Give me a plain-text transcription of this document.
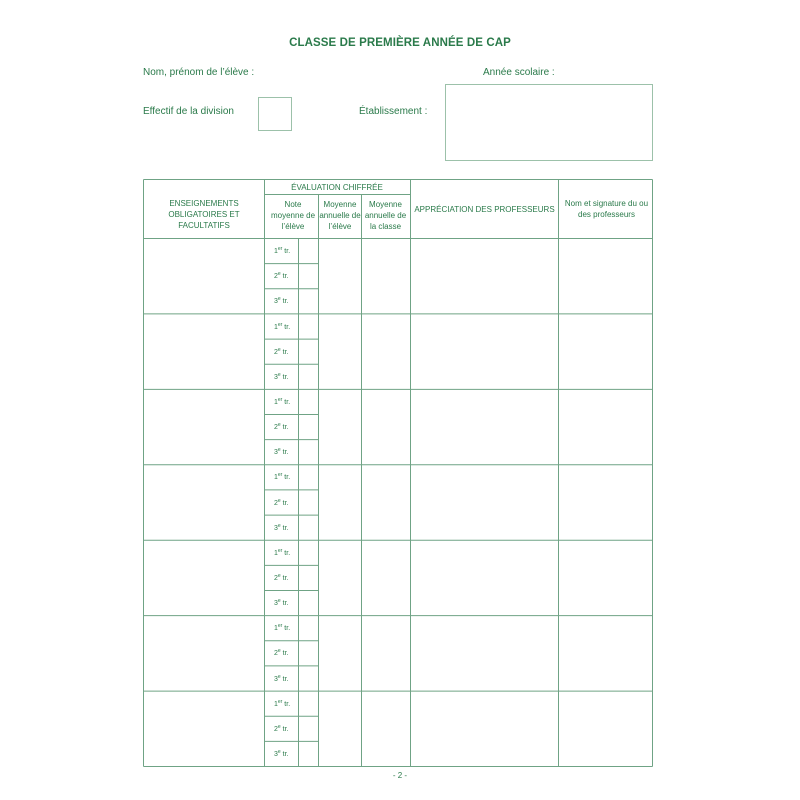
CLASSE DE PREMIÈRE ANNÉE DE CAP
Nom, prénom de l’élève :	Année scolaire :
Effectif de la division	Établissement :
ENSEIGNEMENTS OBLIGATOIRES ET FACULTATIFS
ÉVALUATION CHIFFRÉE
Note moyenne de l’élève
Moyenne annuelle de l’élève
Moyenne annuelle de la classe
APPRÉCIATION DES PROFESSEURS
Nom et signature du ou des professeurs
1er tr.
2e tr.
3e tr.
1er tr.
2e tr.
3e tr.
1er tr.
2e tr.
3e tr.
1er tr.
2e tr.
3e tr.
1er tr.
2e tr.
3e tr.
1er tr.
2e tr.
3e tr.
1er tr.
2e tr.
3e tr.
- 2 -
